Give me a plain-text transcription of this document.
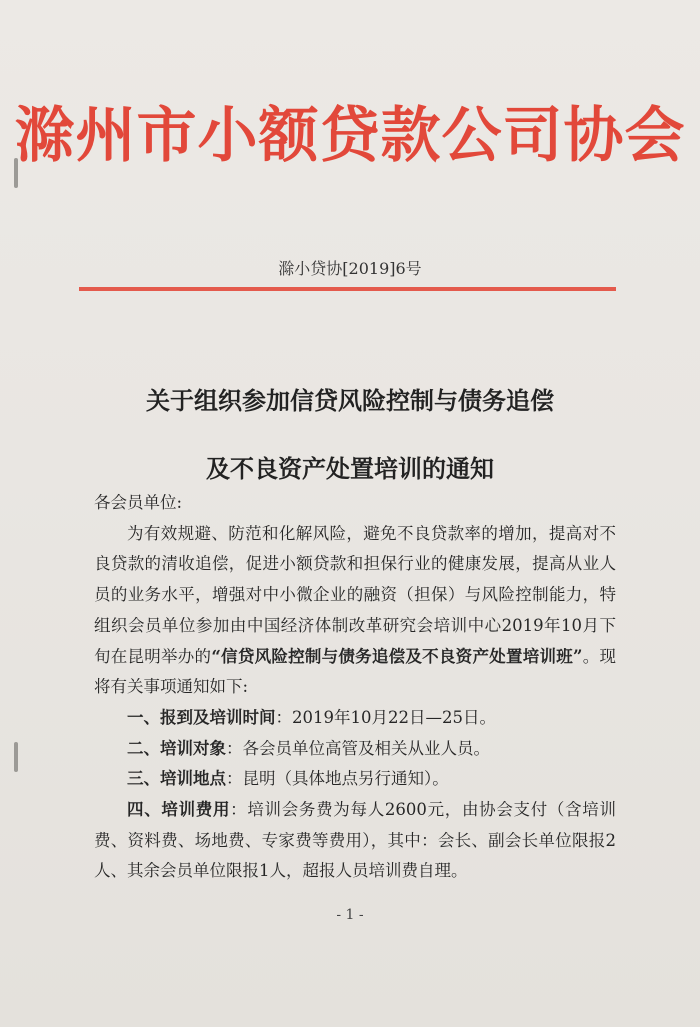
滁州市小额贷款公司协会
滁小贷协[2019]6号
关于组织参加信贷风险控制与债务追偿
及不良资产处置培训的通知

各会员单位:

为有效规避、防范和化解风险，避免不良贷款率的增加，提高对不良贷款的清收追偿，促进小额贷款和担保行业的健康发展，提高从业人员的业务水平，增强对中小微企业的融资（担保）与风险控制能力，特组织会员单位参加由中国经济体制改革研究会培训中心2019年10月下旬在昆明举办的“信贷风险控制与债务追偿及不良资产处置培训班”。现将有关事项通知如下:

一、报到及培训时间：2019年10月22日—25日。

二、培训对象：各会员单位高管及相关从业人员。

三、培训地点：昆明（具体地点另行通知）。

四、培训费用：培训会务费为每人2600元，由协会支付（含培训费、资料费、场地费、专家费等费用），其中：会长、副会长单位限报2人、其余会员单位限报1人，超报人员培训费自理。

- 1 -
